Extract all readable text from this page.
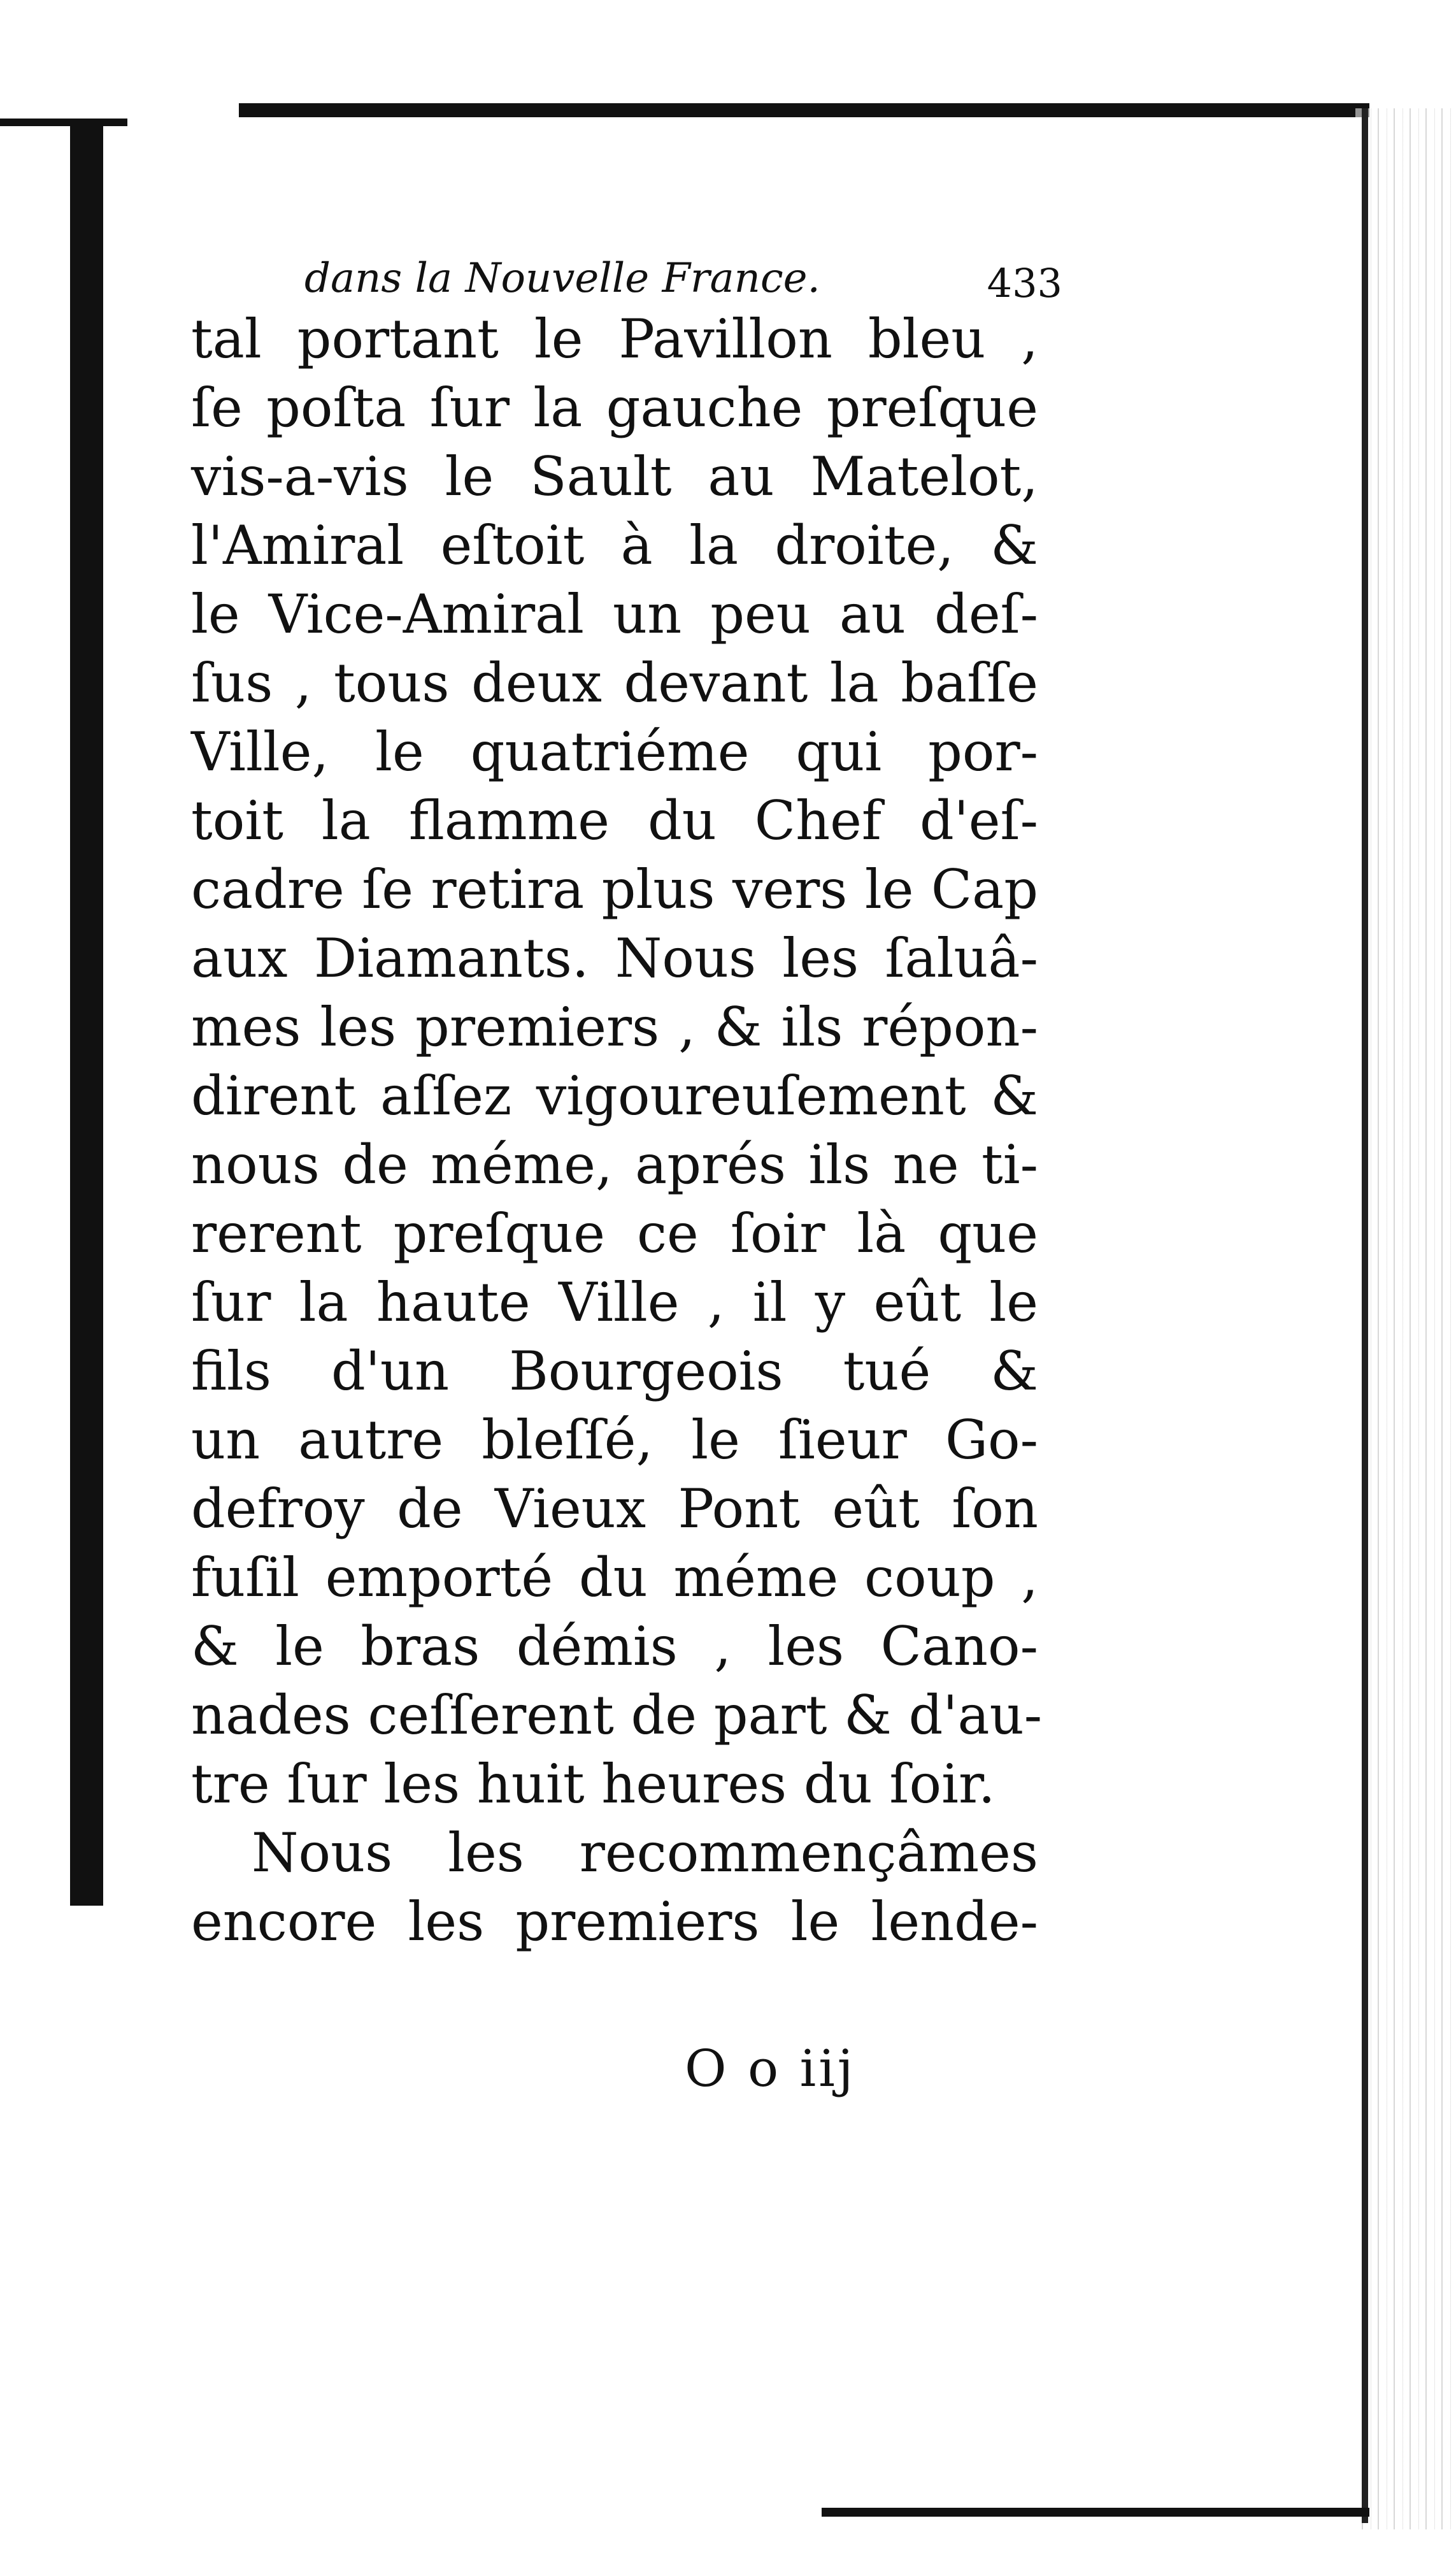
dans la Nouvelle France.	433
tal portant le Pavillon bleu ,
ſe poſta ſur la gauche preſque
vis-a-vis le Sault au Matelot,
l'Amiral eſtoit à la droite, &
le Vice-Amiral un peu au deſ-
ſus , tous deux devant la baſſe
Ville, le quatriéme qui por-
toit la flamme du Chef d'eſ-
cadre ſe retira plus vers le Cap
aux Diamants. Nous les ſaluâ-
mes les premiers , & ils répon-
dirent aſſez vigoureuſement &
nous de méme, aprés ils ne ti-
rerent preſque ce ſoir là que
ſur la haute Ville , il y eût le
fils d'un Bourgeois tué &
un autre bleſſé, le ſieur Go-
defroy de Vieux Pont eût ſon
fuſil emporté du méme coup ,
& le bras démis , les Cano-
nades ceſſerent de part & d'au-
tre ſur les huit heures du ſoir.
Nous les recommençâmes
encore les premiers le lende-
O o iij
